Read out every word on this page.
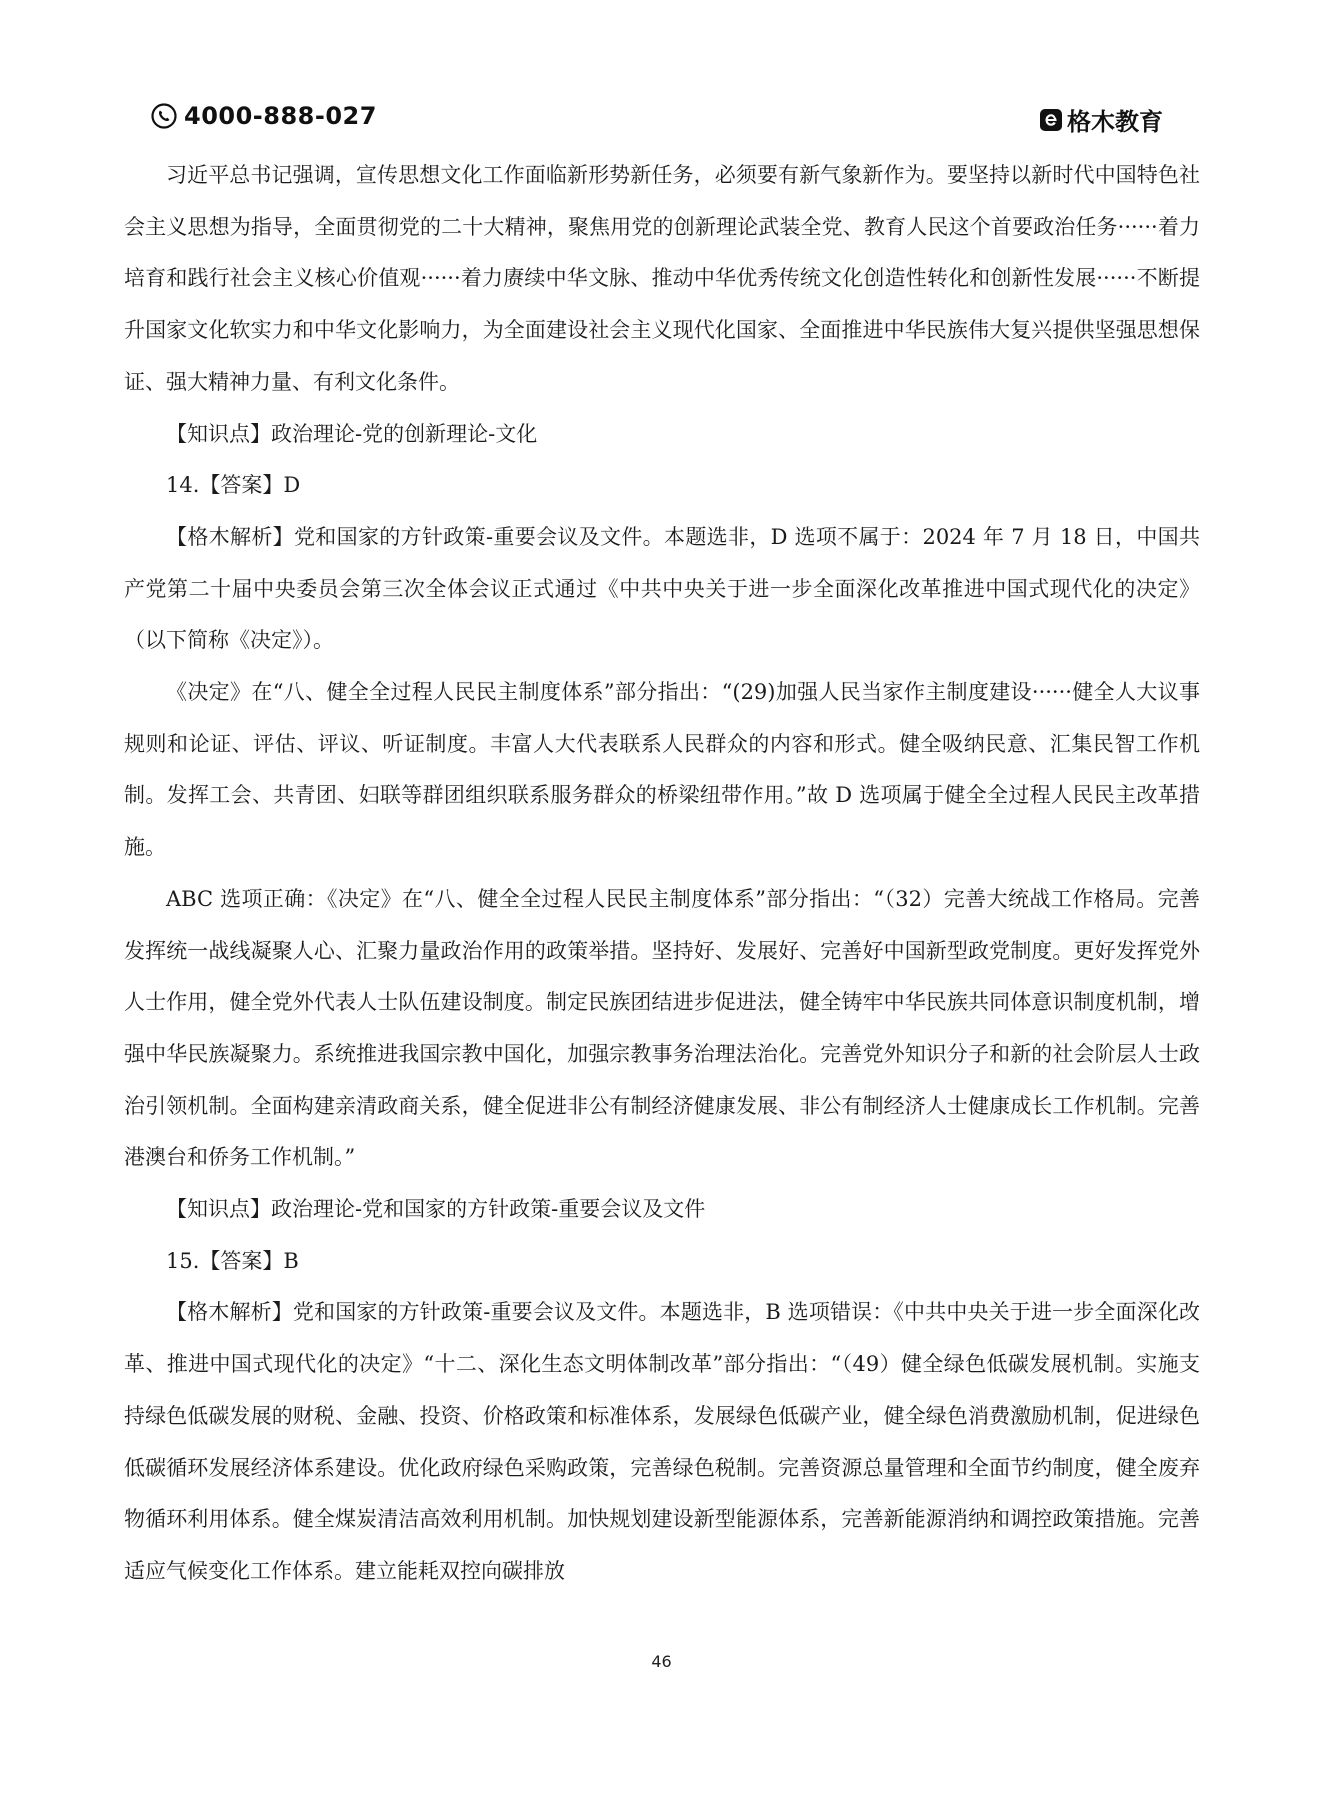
4000-888-027	格木教育

习近平总书记强调，宣传思想文化工作面临新形势新任务，必须要有新气象新作为。要坚持以新时代中国特色社会主义思想为指导，全面贯彻党的二十大精神，聚焦用党的创新理论武装全党、教育人民这个首要政治任务······着力培育和践行社会主义核心价值观······着力赓续中华文脉、推动中华优秀传统文化创造性转化和创新性发展······不断提升国家文化软实力和中华文化影响力，为全面建设社会主义现代化国家、全面推进中华民族伟大复兴提供坚强思想保证、强大精神力量、有利文化条件。

【知识点】政治理论-党的创新理论-文化

14.【答案】D

【格木解析】党和国家的方针政策-重要会议及文件。本题选非，D 选项不属于：2024 年 7 月 18 日，中国共产党第二十届中央委员会第三次全体会议正式通过《中共中央关于进一步全面深化改革推进中国式现代化的决定》（以下简称《决定》）。

《决定》在“八、健全全过程人民民主制度体系”部分指出：“(29)加强人民当家作主制度建设······健全人大议事规则和论证、评估、评议、听证制度。丰富人大代表联系人民群众的内容和形式。健全吸纳民意、汇集民智工作机制。发挥工会、共青团、妇联等群团组织联系服务群众的桥梁纽带作用。”故 D 选项属于健全全过程人民民主改革措施。

ABC 选项正确：《决定》在“八、健全全过程人民民主制度体系”部分指出：“（32）完善大统战工作格局。完善发挥统一战线凝聚人心、汇聚力量政治作用的政策举措。坚持好、发展好、完善好中国新型政党制度。更好发挥党外人士作用，健全党外代表人士队伍建设制度。制定民族团结进步促进法，健全铸牢中华民族共同体意识制度机制，增强中华民族凝聚力。系统推进我国宗教中国化，加强宗教事务治理法治化。完善党外知识分子和新的社会阶层人士政治引领机制。全面构建亲清政商关系，健全促进非公有制经济健康发展、非公有制经济人士健康成长工作机制。完善港澳台和侨务工作机制。”

【知识点】政治理论-党和国家的方针政策-重要会议及文件

15.【答案】B

【格木解析】党和国家的方针政策-重要会议及文件。本题选非，B 选项错误：《中共中央关于进一步全面深化改革、推进中国式现代化的决定》“十二、深化生态文明体制改革”部分指出：“（49）健全绿色低碳发展机制。实施支持绿色低碳发展的财税、金融、投资、价格政策和标准体系，发展绿色低碳产业，健全绿色消费激励机制，促进绿色低碳循环发展经济体系建设。优化政府绿色采购政策，完善绿色税制。完善资源总量管理和全面节约制度，健全废弃物循环利用体系。健全煤炭清洁高效利用机制。加快规划建设新型能源体系，完善新能源消纳和调控政策措施。完善适应气候变化工作体系。建立能耗双控向碳排放

46
